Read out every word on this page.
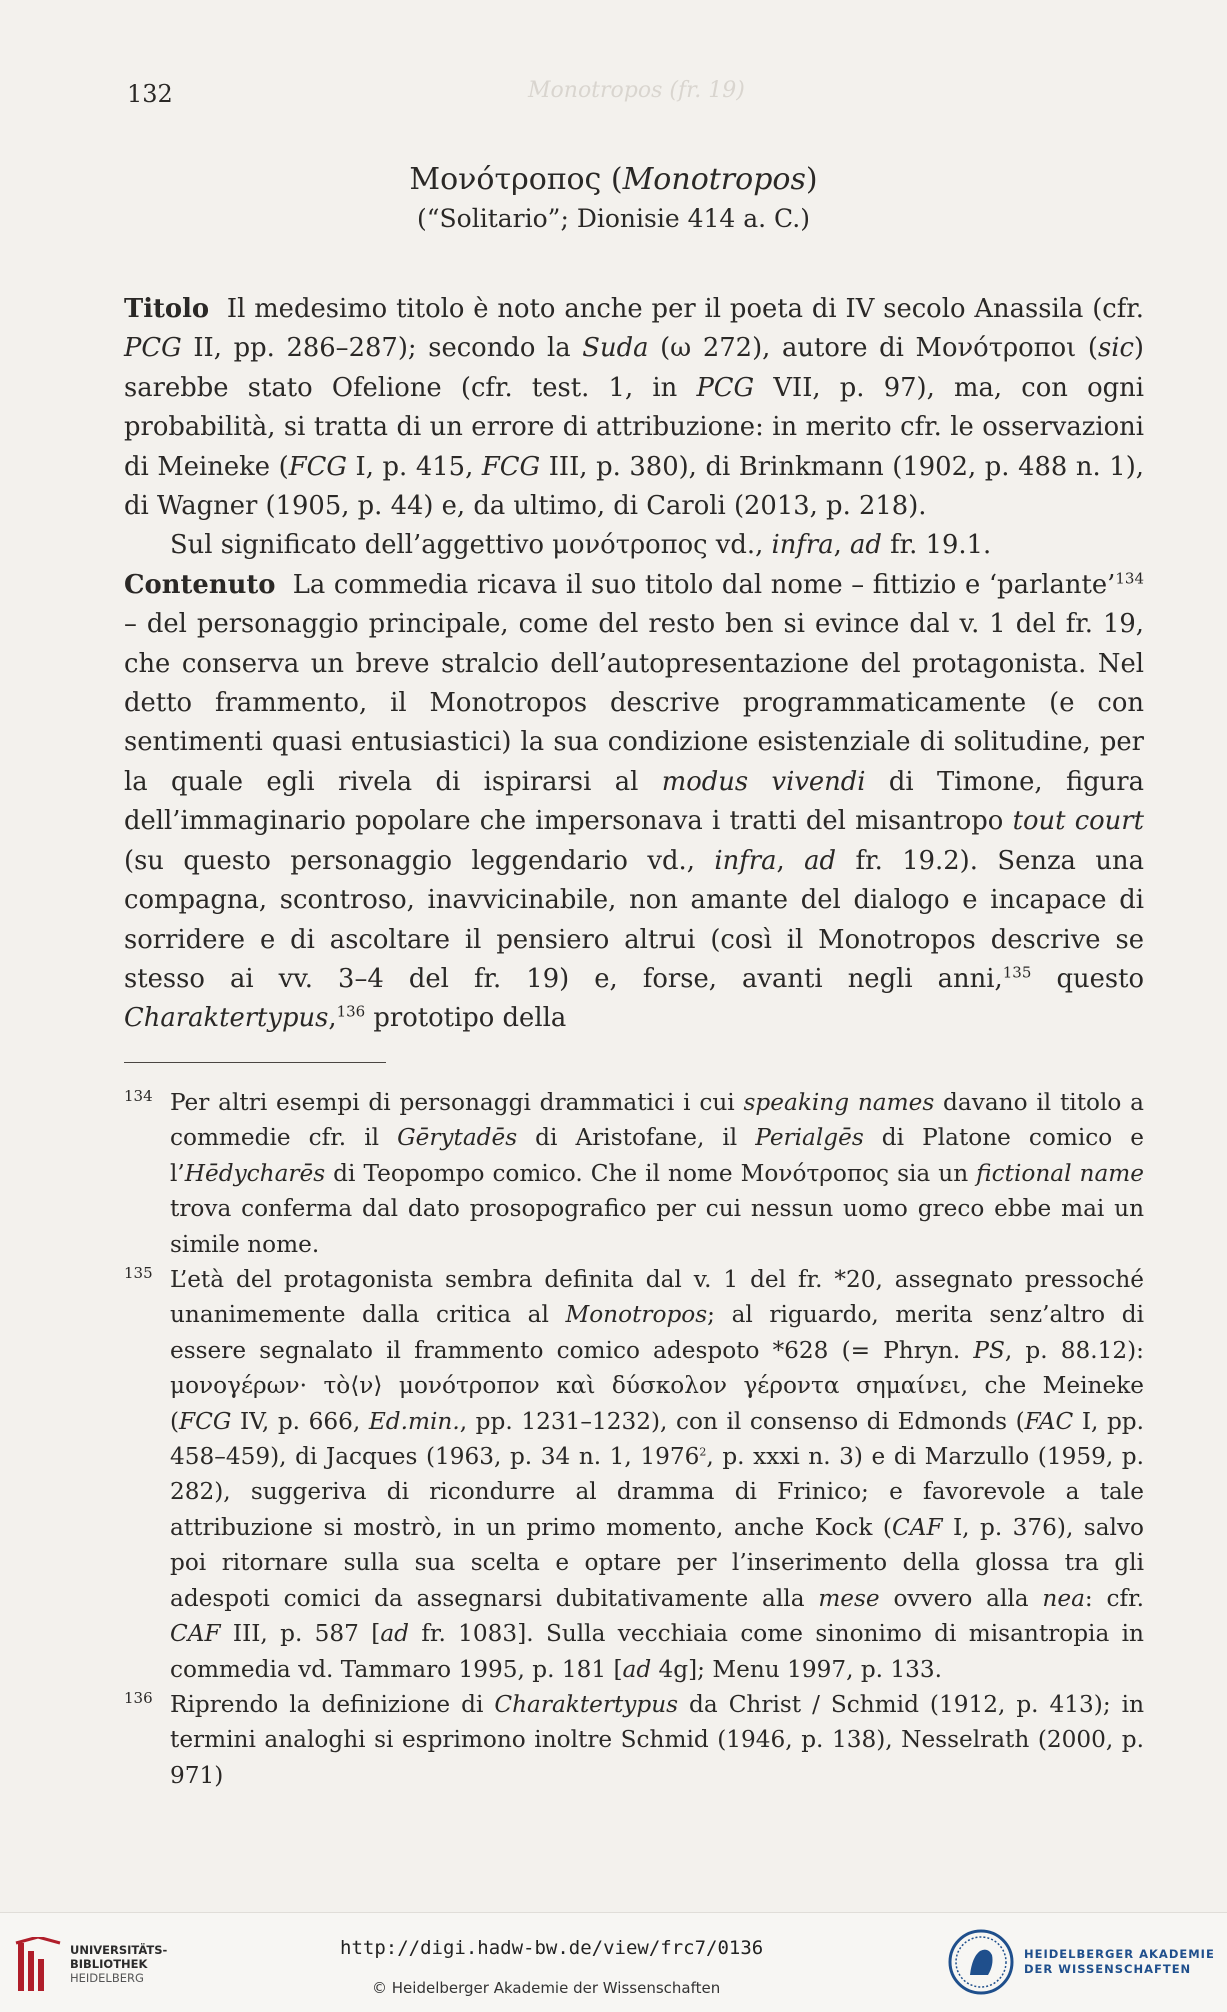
Monotropos (fr. 19)
132
Μονότροπος (Monotropos)
(“Solitario”; Dionisie 414 a. C.)

Titolo  Il medesimo titolo è noto anche per il poeta di IV secolo Anassila (cfr. PCG II, pp. 286–287); secondo la Suda (ω 272), autore di Μονότροποι (sic) sarebbe stato Ofelione (cfr. test. 1, in PCG VII, p. 97), ma, con ogni probabilità, si tratta di un errore di attribuzione: in merito cfr. le osservazioni di Meineke (FCG I, p. 415, FCG III, p. 380), di Brinkmann (1902, p. 488 n. 1), di Wagner (1905, p. 44) e, da ultimo, di Caroli (2013, p. 218).

Sul significato dell’aggettivo μονότροπος vd., infra, ad fr. 19.1.

Contenuto  La commedia ricava il suo titolo dal nome – fittizio e ‘parlante’$^{134}$ – del personaggio principale, come del resto ben si evince dal v. 1 del fr. 19, che conserva un breve stralcio dell’autopresentazione del protagonista. Nel detto frammento, il Monotropos descrive programmaticamente (e con sentimenti quasi entusiastici) la sua condizione esistenziale di solitudine, per la quale egli rivela di ispirarsi al modus vivendi di Timone, figura dell’immaginario popolare che impersonava i tratti del misantropo tout court (su questo personaggio leggendario vd., infra, ad fr. 19.2). Senza una compagna, scontroso, inavvicinabile, non amante del dialogo e incapace di sorridere e di ascoltare il pensiero altrui (così il Monotropos descrive se stesso ai vv. 3–4 del fr. 19) e, forse, avanti negli anni,$^{135}$ questo Charaktertypus,$^{136}$ prototipo della

134 Per altri esempi di personaggi drammatici i cui speaking names davano il titolo a commedie cfr. il Gērytadēs di Aristofane, il Perialgēs di Platone comico e l’Hēdycharēs di Teopompo comico. Che il nome Μονότροπος sia un fictional name trova conferma dal dato prosopografico per cui nessun uomo greco ebbe mai un simile nome.
135 L’età del protagonista sembra definita dal v. 1 del fr. *20, assegnato pressoché unanimemente dalla critica al Monotropos; al riguardo, merita senz’altro di essere segnalato il frammento comico adespoto *628 (= Phryn. PS, p. 88.12): μονογέρων· τὸ⟨ν⟩ μονότροπον καὶ δύσκολον γέροντα σημαίνει, che Meineke (FCG IV, p. 666, Ed.min., pp. 1231–1232), con il consenso di Edmonds (FAC I, pp. 458–459), di Jacques (1963, p. 34 n. 1, 1976$^2$, p. xxxi n. 3) e di Marzullo (1959, p. 282), suggeriva di ricondurre al dramma di Frinico; e favorevole a tale attribuzione si mostrò, in un primo momento, anche Kock (CAF I, p. 376), salvo poi ritornare sulla sua scelta e optare per l’inserimento della glossa tra gli adespoti comici da assegnarsi dubitativamente alla mese ovvero alla nea: cfr. CAF III, p. 587 [ad fr. 1083]. Sulla vecchiaia come sinonimo di misantropia in commedia vd. Tammaro 1995, p. 181 [ad 4g]; Menu 1997, p. 133.
136 Riprendo la definizione di Charaktertypus da Christ / Schmid (1912, p. 413); in termini analoghi si esprimono inoltre Schmid (1946, p. 138), Nesselrath (2000, p. 971)
UNIVERSITÄTS-
BIBLIOTHEK
HEIDELBERG
http://digi.hadw-bw.de/view/frc7/0136
© Heidelberger Akademie der Wissenschaften
HEIDELBERGER AKADEMIE
DER WISSENSCHAFTEN
